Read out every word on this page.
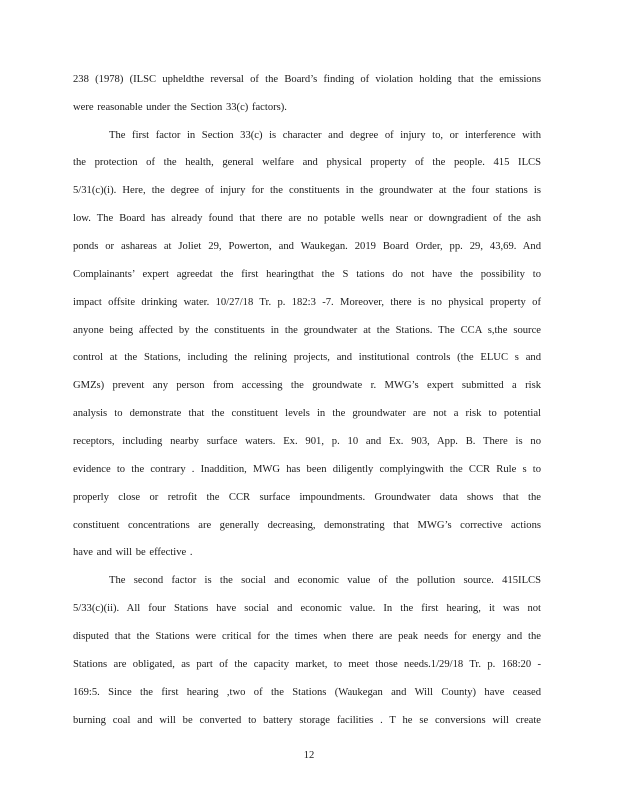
238 (1978) (ILSC upheldthe reversal of the Board’s finding of violation holding that the emissions
were reasonable under the Section 33(c) factors).
The first factor in Section 33(c) is character and degree of injury to, or interference with
the protection of the health, general welfare and physical property of the people. 415 ILCS
5/31(c)(i). Here, the degree of injury for the constituents in the groundwater at the four stations is
low. The Board has already found that there are no potable wells near or downgradient of the ash
ponds or ashareas at Joliet 29, Powerton, and Waukegan. 2019 Board Order, pp. 29, 43,69. And
Complainants’ expert agreedat the first hearingthat the S tations do not have the possibility to
impact offsite drinking water. 10/27/18 Tr. p. 182:3 -7. Moreover, there is no physical property of
anyone being affected by the constituents in the groundwater at the Stations. The CCA s,the source
control at the Stations, including the relining projects, and institutional controls (the ELUC s and
GMZs) prevent any person from accessing the groundwate r. MWG’s expert submitted a risk
analysis to demonstrate that the constituent levels in the groundwater are not a risk to potential
receptors, including nearby surface waters. Ex. 901, p. 10 and Ex. 903, App. B. There is no
evidence to the contrary . Inaddition, MWG has been diligently complyingwith the CCR Rule s to
properly close or retrofit the CCR surface impoundments. Groundwater data shows that the
constituent concentrations are generally decreasing, demonstrating that MWG’s corrective actions
have and will be effective .
The second factor is the social and economic value of the pollution source. 415ILCS
5/33(c)(ii). All four Stations have social and economic value. In the first hearing, it was not
disputed that the Stations were critical for the times when there are peak needs for energy and the
Stations are obligated, as part of the capacity market, to meet those needs.1/29/18 Tr. p. 168:20 -
169:5. Since the first hearing ,two of the Stations (Waukegan and Will County) have ceased
burning coal and will be converted to battery storage facilities . T he se conversions will create
12
